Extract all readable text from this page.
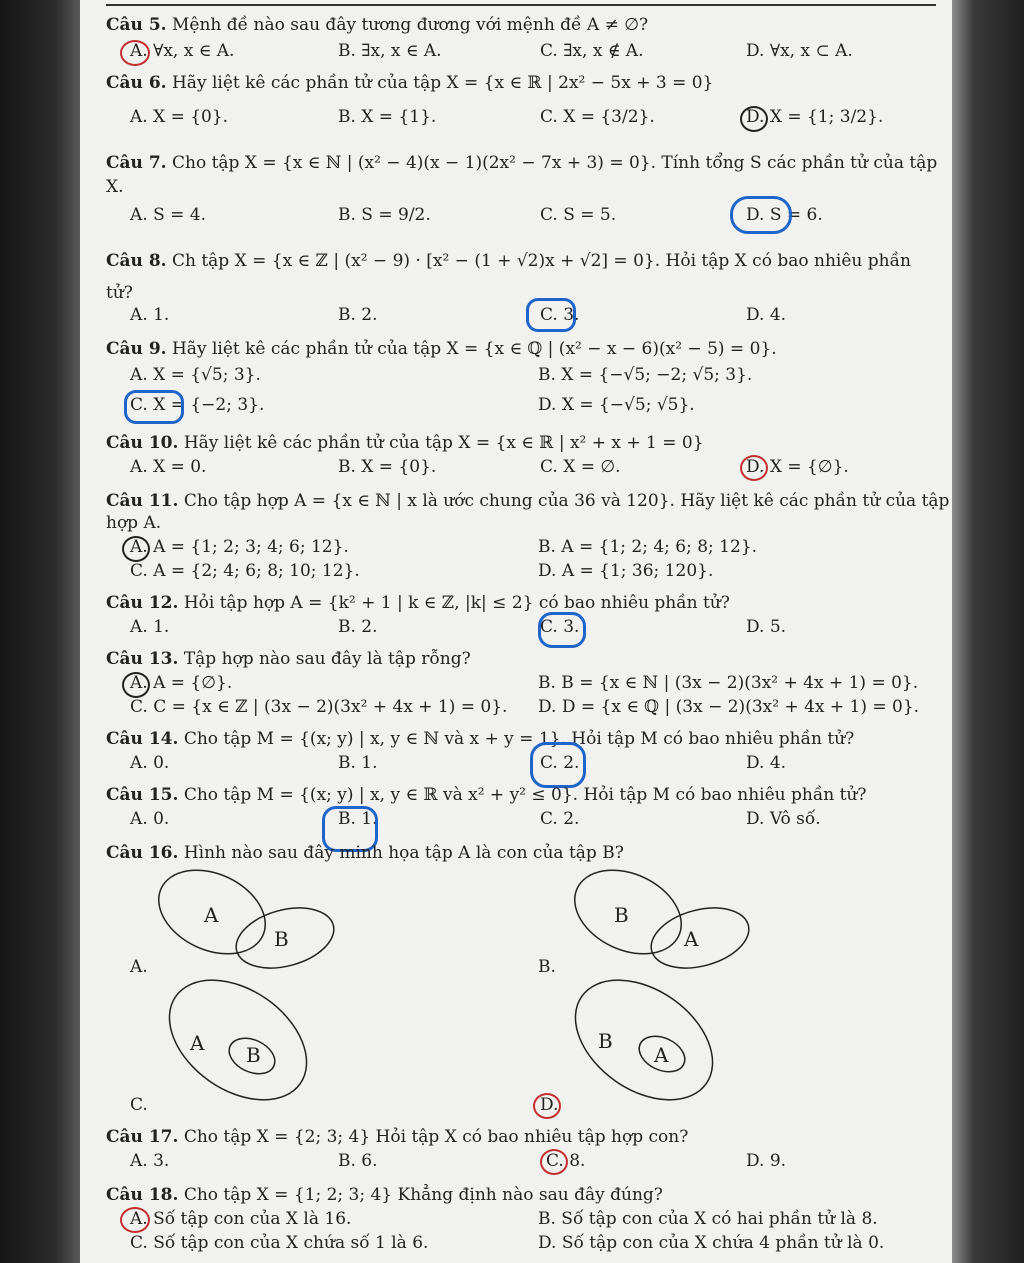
Câu 5. Mệnh đề nào sau đây tương đương với mệnh đề A ≠ ∅?
A. ∀x, x ∈ A.	B. ∃x, x ∈ A.	C. ∃x, x ∉ A.	D. ∀x, x ⊂ A.
Câu 6. Hãy liệt kê các phần tử của tập X = {x ∈ ℝ | 2x² − 5x + 3 = 0}
A. X = {0}.	B. X = {1}.	C. X = {3/2}.	D. X = {1; 3/2}.
Câu 7. Cho tập X = {x ∈ ℕ | (x² − 4)(x − 1)(2x² − 7x + 3) = 0}. Tính tổng S các phần tử của tập
X.
A. S = 4.	B. S = 9/2.	C. S = 5.	D. S = 6.
Câu 8. Ch tập X = {x ∈ ℤ | (x² − 9) · [x² − (1 + √2)x + √2] = 0}. Hỏi tập X có bao nhiêu phần
tử?
A. 1.	B. 2.	C. 3.	D. 4.
Câu 9. Hãy liệt kê các phần tử của tập X = {x ∈ ℚ | (x² − x − 6)(x² − 5) = 0}.
A. X = {√5; 3}.	B. X = {−√5; −2; √5; 3}.
C. X = {−2; 3}.	D. X = {−√5; √5}.
Câu 10. Hãy liệt kê các phần tử của tập X = {x ∈ ℝ | x² + x + 1 = 0}
A. X = 0.	B. X = {0}.	C. X = ∅.	D. X = {∅}.
Câu 11. Cho tập hợp A = {x ∈ ℕ | x là ước chung của 36 và 120}. Hãy liệt kê các phần tử của tập
hợp A.
A. A = {1; 2; 3; 4; 6; 12}.	B. A = {1; 2; 4; 6; 8; 12}.
C. A = {2; 4; 6; 8; 10; 12}.	D. A = {1; 36; 120}.
Câu 12. Hỏi tập hợp A = {k² + 1 | k ∈ ℤ, |k| ≤ 2} có bao nhiêu phần tử?
A. 1.	B. 2.	C. 3.	D. 5.
Câu 13. Tập hợp nào sau đây là tập rỗng?
A. A = {∅}.	B. B = {x ∈ ℕ | (3x − 2)(3x² + 4x + 1) = 0}.
C. C = {x ∈ ℤ | (3x − 2)(3x² + 4x + 1) = 0}. D. D = {x ∈ ℚ | (3x − 2)(3x² + 4x + 1) = 0}.
Câu 14. Cho tập M = {(x; y) | x, y ∈ ℕ và x + y = 1}. Hỏi tập M có bao nhiêu phần tử?
A. 0.	B. 1.	C. 2.	D. 4.
Câu 15. Cho tập M = {(x; y) | x, y ∈ ℝ và x² + y² ≤ 0}. Hỏi tập M có bao nhiêu phần tử?
A. 0.	B. 1.	C. 2.	D. Vô số.
Câu 16. Hình nào sau đây minh họa tập A là con của tập B?
A
B
A.
B
A
B.
A B
C.
B
A
D.
Câu 17. Cho tập X = {2; 3; 4} Hỏi tập X có bao nhiêu tập hợp con?
A. 3.	B. 6.	C. 8.	D. 9.
Câu 18. Cho tập X = {1; 2; 3; 4} Khẳng định nào sau đây đúng?
A. Số tập con của X là 16.	B. Số tập con của X có hai phần tử là 8.
C. Số tập con của X chứa số 1 là 6.	D. Số tập con của X chứa 4 phần tử là 0.
